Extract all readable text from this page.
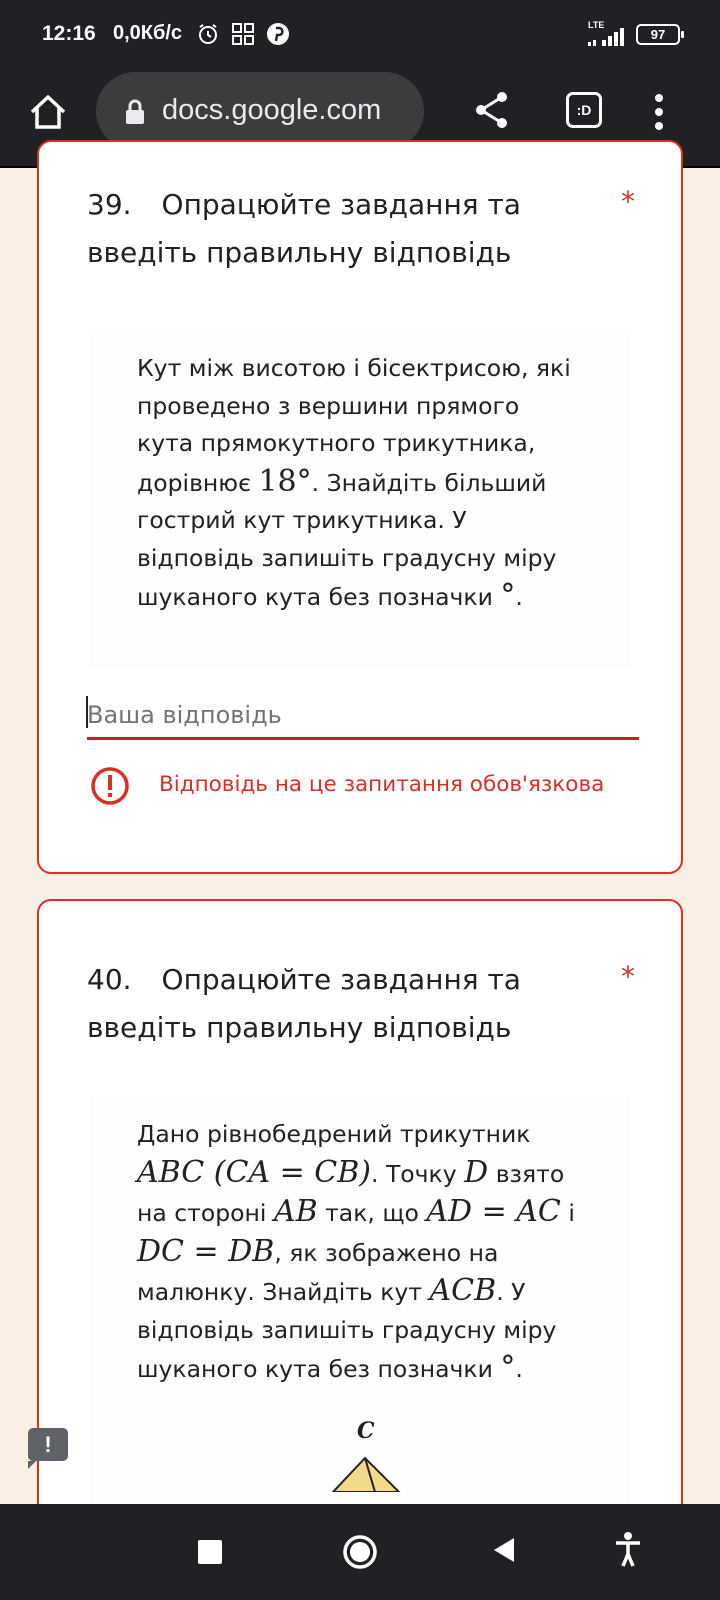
12:16 0,0Кб/с	LTE
97
docs.google.com	:D
39. Опрацюйте завдання та введіть правильну відповідь
*
Кут між висотою і бісектрисою, які проведено з вершини прямого кута прямокутного трикутника, дорівнює 18°. Знайдіть більший гострий кут трикутника. У відповідь запишіть градусну міру шуканого кута без позначки °.
Ваша відповідь
Відповідь на це запитання обов'язкова
40. Опрацюйте завдання та введіть правильну відповідь
*
Дано рівнобедрений трикутник ABC (CA = CB). Точку D взято на стороні AB так, що AD = AC і DC = DB, як зображено на малюнку. Знайдіть кут ACB. У відповідь запишіть градусну міру шуканого кута без позначки °.
C
!
